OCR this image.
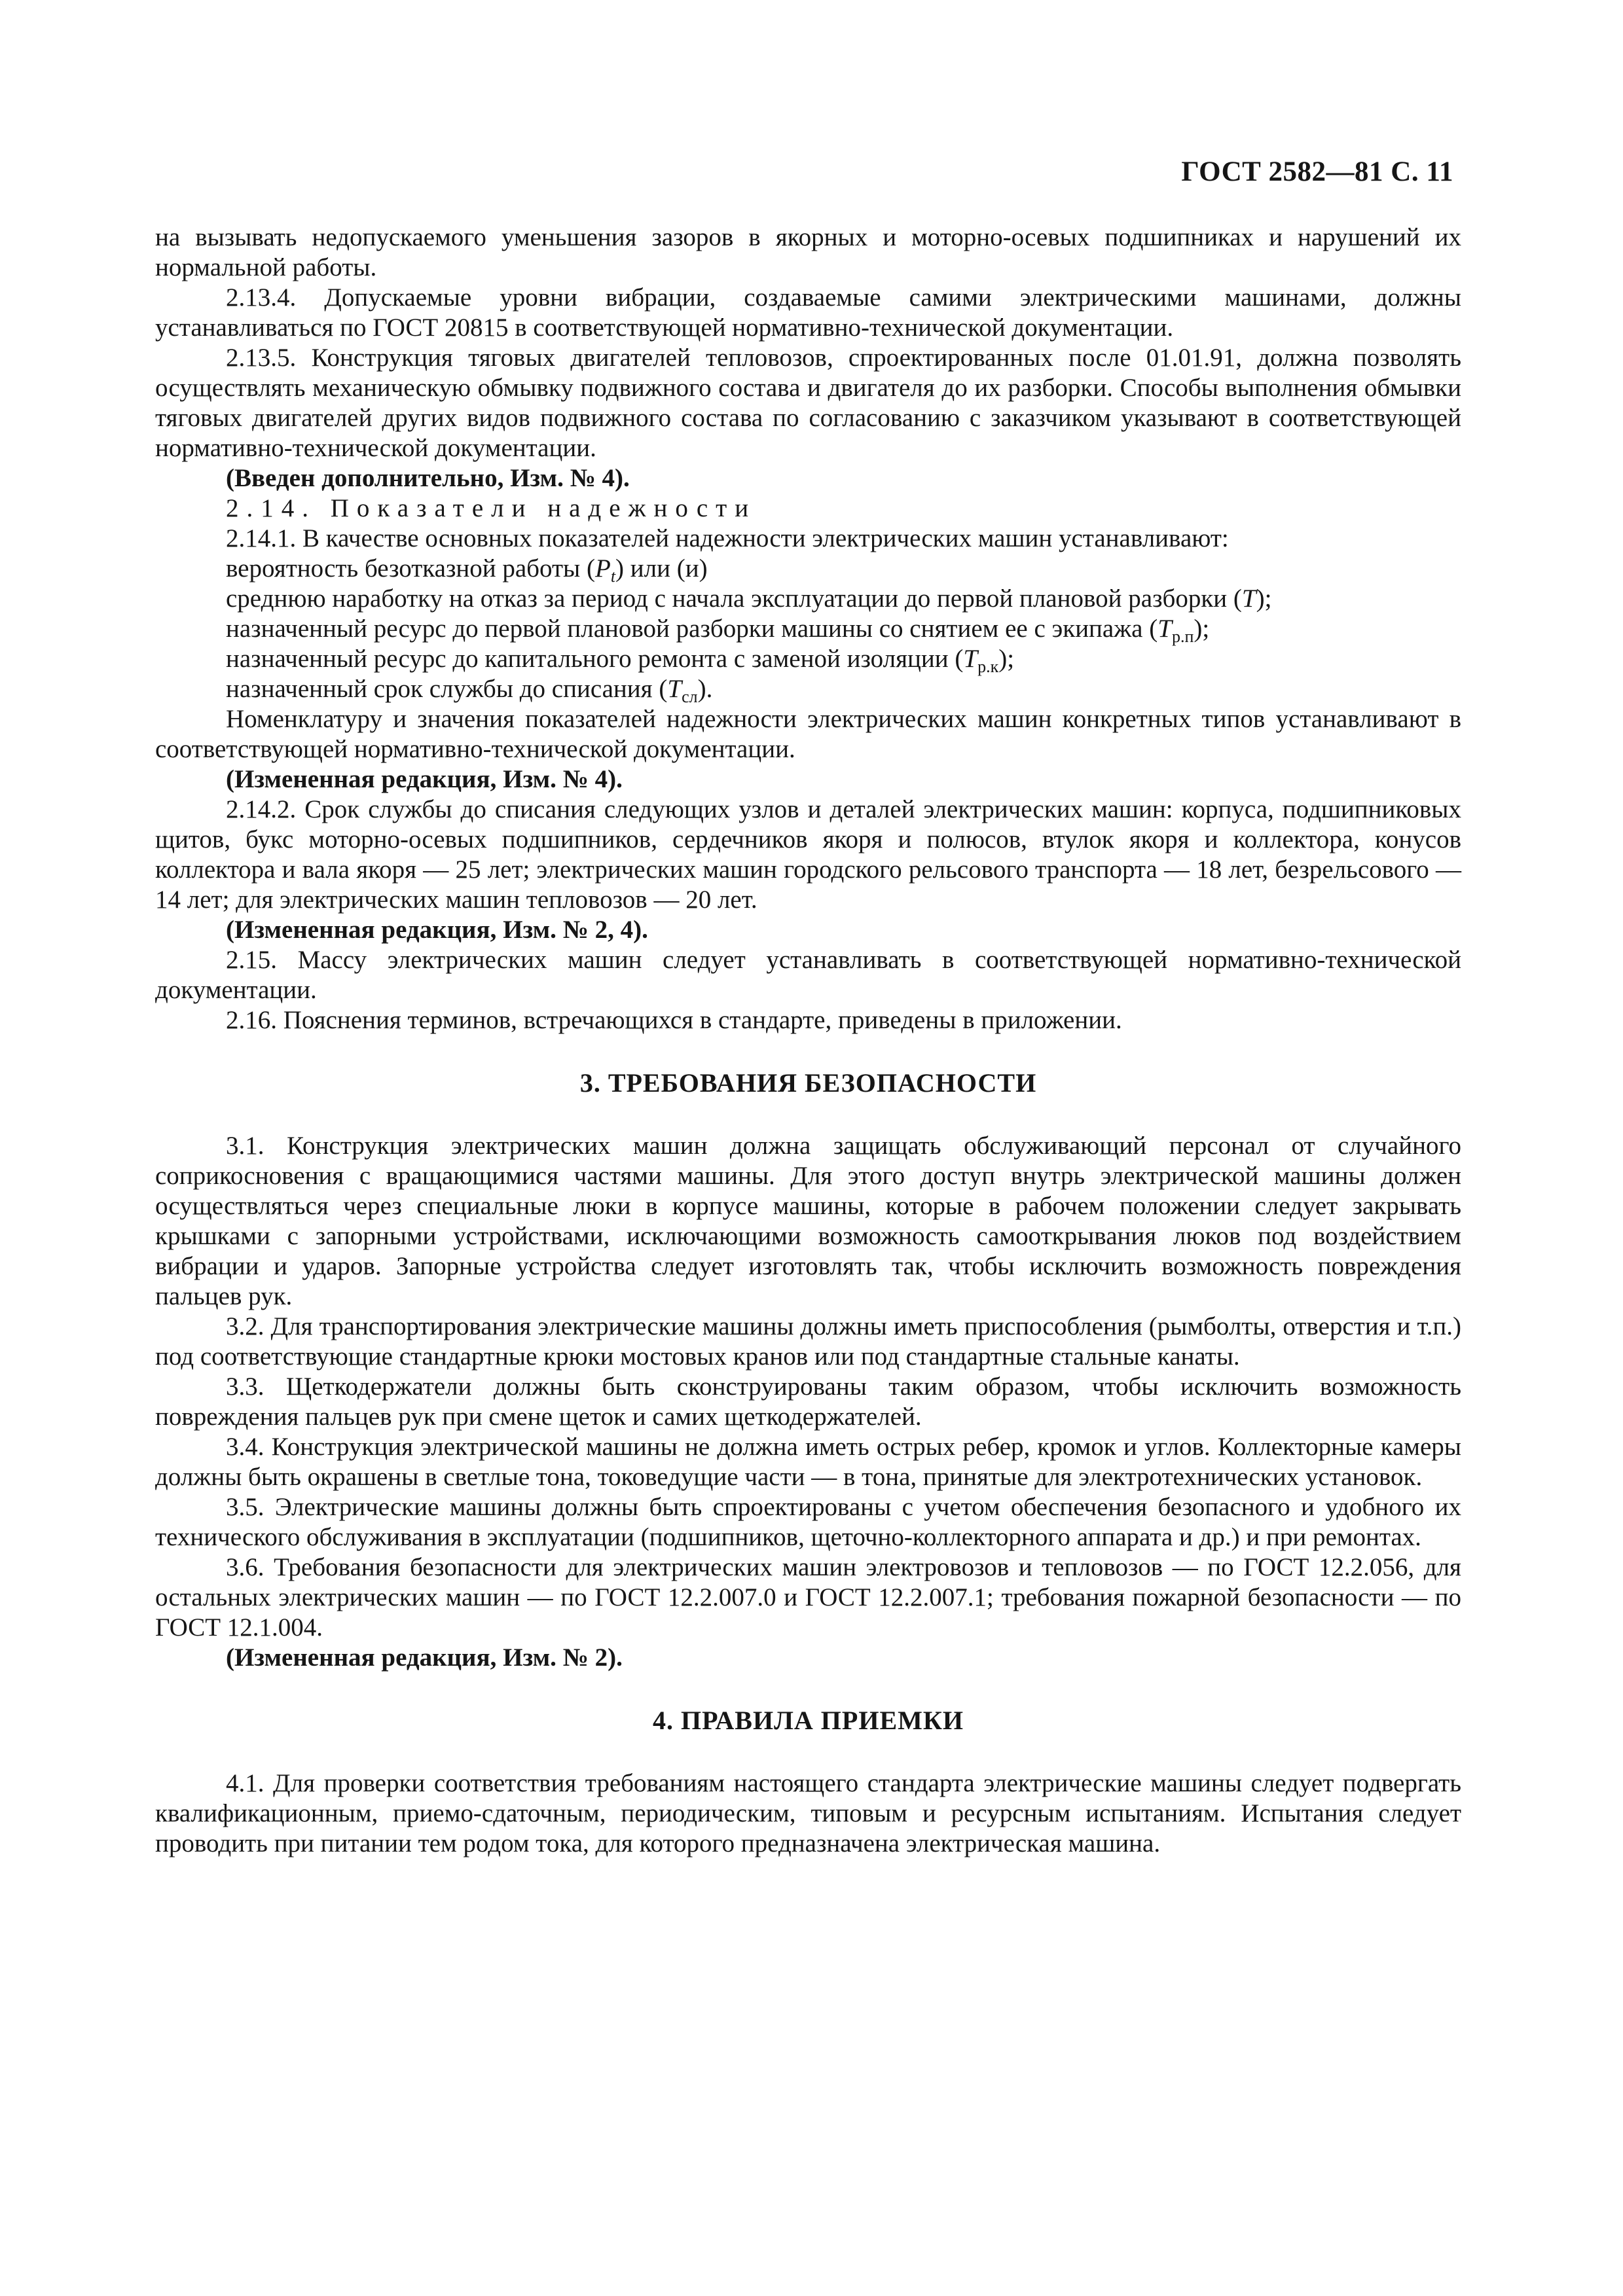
ГОСТ 2582—81 С. 11

на вызывать недопускаемого уменьшения зазоров в якорных и моторно-осевых подшипниках и нарушений их нормальной работы.

2.13.4. Допускаемые уровни вибрации, создаваемые самими электрическими машинами, должны устанавливаться по ГОСТ 20815 в соответствующей нормативно-технической документации.

2.13.5. Конструкция тяговых двигателей тепловозов, спроектированных после 01.01.91, должна позволять осуществлять механическую обмывку подвижного состава и двигателя до их разборки. Способы выполнения обмывки тяговых двигателей других видов подвижного состава по согласованию с заказчиком указывают в соответствующей нормативно-технической документации.

(Введен дополнительно, Изм. № 4).

2.14. Показатели надежности

2.14.1. В качестве основных показателей надежности электрических машин устанавливают:

вероятность безотказной работы $(P_t)$ или (и)

среднюю наработку на отказ за период с начала эксплуатации до первой плановой разборки (T);

назначенный ресурс до первой плановой разборки машины со снятием ее с экипажа $(T_{р.п})$;

назначенный ресурс до капитального ремонта с заменой изоляции $(T_{р.к})$;

назначенный срок службы до списания $(T_{сл})$.

Номенклатуру и значения показателей надежности электрических машин конкретных типов устанавливают в соответствующей нормативно-технической документации.

(Измененная редакция, Изм. № 4).

2.14.2. Срок службы до списания следующих узлов и деталей электрических машин: корпуса, подшипниковых щитов, букс моторно-осевых подшипников, сердечников якоря и полюсов, втулок якоря и коллектора, конусов коллектора и вала якоря — 25 лет; электрических машин городского рельсового транспорта — 18 лет, безрельсового — 14 лет; для электрических машин тепловозов — 20 лет.

(Измененная редакция, Изм. № 2, 4).

2.15. Массу электрических машин следует устанавливать в соответствующей нормативно-технической документации.

2.16. Пояснения терминов, встречающихся в стандарте, приведены в приложении.

3. ТРЕБОВАНИЯ БЕЗОПАСНОСТИ

3.1. Конструкция электрических машин должна защищать обслуживающий персонал от случайного соприкосновения с вращающимися частями машины. Для этого доступ внутрь электрической машины должен осуществляться через специальные люки в корпусе машины, которые в рабочем положении следует закрывать крышками с запорными устройствами, исключающими возможность самооткрывания люков под воздействием вибрации и ударов. Запорные устройства следует изготовлять так, чтобы исключить возможность повреждения пальцев рук.

3.2. Для транспортирования электрические машины должны иметь приспособления (рымболты, отверстия и т.п.) под соответствующие стандартные крюки мостовых кранов или под стандартные стальные канаты.

3.3. Щеткодержатели должны быть сконструированы таким образом, чтобы исключить возможность повреждения пальцев рук при смене щеток и самих щеткодержателей.

3.4. Конструкция электрической машины не должна иметь острых ребер, кромок и углов. Коллекторные камеры должны быть окрашены в светлые тона, токоведущие части — в тона, принятые для электротехнических установок.

3.5. Электрические машины должны быть спроектированы с учетом обеспечения безопасного и удобного их технического обслуживания в эксплуатации (подшипников, щеточно-коллекторного аппарата и др.) и при ремонтах.

3.6. Требования безопасности для электрических машин электровозов и тепловозов — по ГОСТ 12.2.056, для остальных электрических машин — по ГОСТ 12.2.007.0 и ГОСТ 12.2.007.1; требования пожарной безопасности — по ГОСТ 12.1.004.

(Измененная редакция, Изм. № 2).

4. ПРАВИЛА ПРИЕМКИ

4.1. Для проверки соответствия требованиям настоящего стандарта электрические машины следует подвергать квалификационным, приемо-сдаточным, периодическим, типовым и ресурсным испытаниям. Испытания следует проводить при питании тем родом тока, для которого предназначена электрическая машина.
